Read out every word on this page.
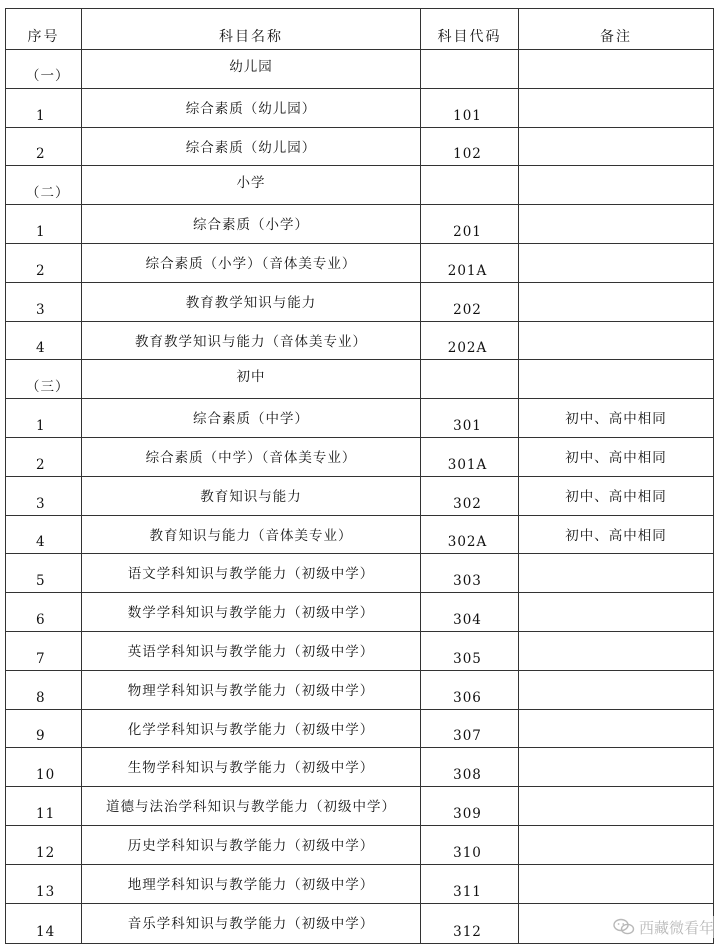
序号	科目名称	科目代码	备注
（一）	幼儿园		
1	综合素质（幼儿园）	101	
2	综合素质（幼儿园）	102	
（二）	小学		
1	综合素质（小学）	201	
2	综合素质（小学）（音体美专业）	201A	
3	教育教学知识与能力	202	
4	教育教学知识与能力（音体美专业）	202A	
（三）	初中		
1	综合素质（中学）	301	初中、高中相同
2	综合素质（中学）（音体美专业）	301A	初中、高中相同
3	教育知识与能力	302	初中、高中相同
4	教育知识与能力（音体美专业）	302A	初中、高中相同
5	语文学科知识与教学能力（初级中学）	303	
6	数学学科知识与教学能力（初级中学）	304	
7	英语学科知识与教学能力（初级中学）	305	
8	物理学科知识与教学能力（初级中学）	306	
9	化学学科知识与教学能力（初级中学）	307	
10	生物学科知识与教学能力（初级中学）	308	
11	道德与法治学科知识与教学能力（初级中学）	309	
12	历史学科知识与教学能力（初级中学）	310	
13	地理学科知识与教学能力（初级中学）	311	
14	音乐学科知识与教学能力（初级中学）	312		西藏微看年
